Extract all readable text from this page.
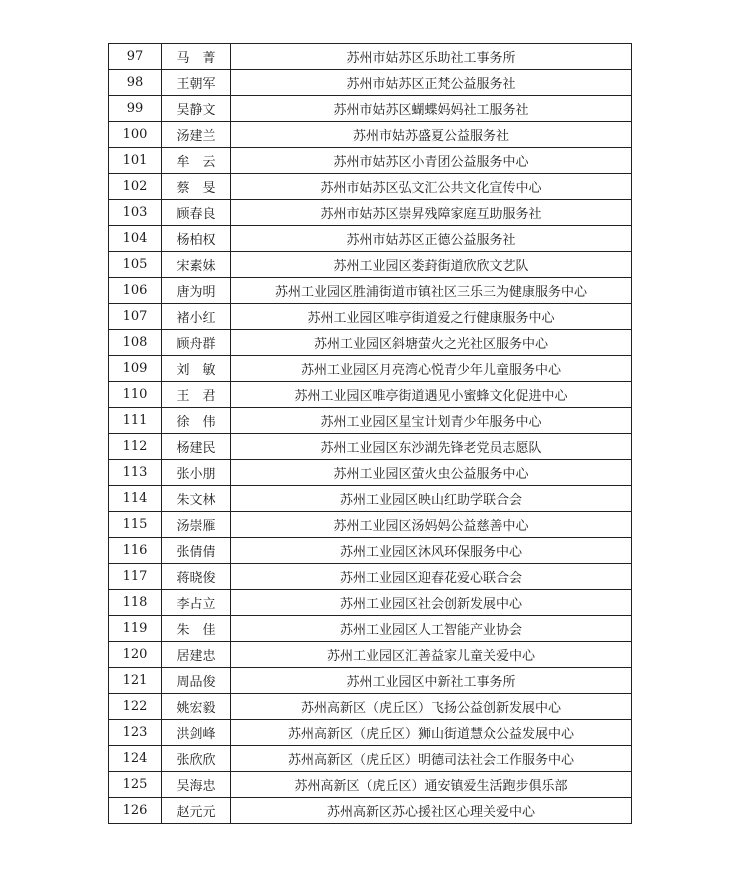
97	马　菁	苏州市姑苏区乐助社工事务所
98	王朝军	苏州市姑苏区正梵公益服务社
99	吴静文	苏州市姑苏区蝴蝶妈妈社工服务社
100	汤建兰	苏州市姑苏盛夏公益服务社
101	牟　云	苏州市姑苏区小青团公益服务中心
102	蔡　旻	苏州市姑苏区弘文汇公共文化宣传中心
103	顾春良	苏州市姑苏区崇昇残障家庭互助服务社
104	杨柏权	苏州市姑苏区正德公益服务社
105	宋素妹	苏州工业园区娄葑街道欣欣文艺队
106	唐为明	苏州工业园区胜浦街道市镇社区三乐三为健康服务中心
107	褚小红	苏州工业园区唯亭街道爱之行健康服务中心
108	顾舟群	苏州工业园区斜塘萤火之光社区服务中心
109	刘　敏	苏州工业园区月亮湾心悦青少年儿童服务中心
110	王　君	苏州工业园区唯亭街道遇见小蜜蜂文化促进中心
111	徐　伟	苏州工业园区星宝计划青少年服务中心
112	杨建民	苏州工业园区东沙湖先锋老党员志愿队
113	张小朋	苏州工业园区萤火虫公益服务中心
114	朱文林	苏州工业园区映山红助学联合会
115	汤崇雁	苏州工业园区汤妈妈公益慈善中心
116	张倩倩	苏州工业园区沐风环保服务中心
117	蒋晓俊	苏州工业园区迎春花爱心联合会
118	李占立	苏州工业园区社会创新发展中心
119	朱　佳	苏州工业园区人工智能产业协会
120	居建忠	苏州工业园区汇善益家儿童关爱中心
121	周品俊	苏州工业园区中新社工事务所
122	姚宏毅	苏州高新区（虎丘区）飞扬公益创新发展中心
123	洪剑峰	苏州高新区（虎丘区）狮山街道慧众公益发展中心
124	张欣欣	苏州高新区（虎丘区）明德司法社会工作服务中心
125	吴海忠	苏州高新区（虎丘区）通安镇爱生活跑步俱乐部
126	赵元元	苏州高新区苏心援社区心理关爱中心
